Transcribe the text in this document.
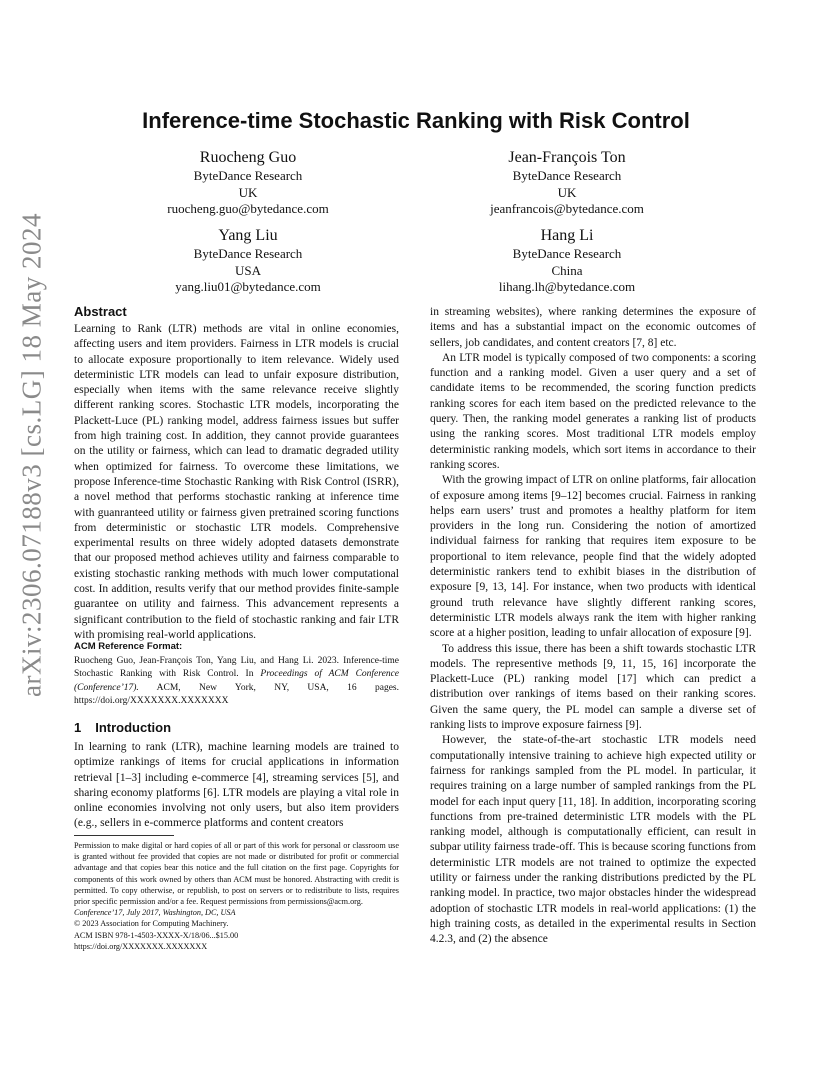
arXiv:2306.07188v3 [cs.LG] 18 May 2024
Inference-time Stochastic Ranking with Risk Control
Ruocheng Guo
ByteDance Research
UK
ruocheng.guo@bytedance.com
Jean-François Ton
ByteDance Research
UK
jeanfrancois@bytedance.com
Yang Liu
ByteDance Research
USA
yang.liu01@bytedance.com
Hang Li
ByteDance Research
China
lihang.lh@bytedance.com
Abstract

Learning to Rank (LTR) methods are vital in online economies, affecting users and item providers. Fairness in LTR models is crucial to allocate exposure proportionally to item relevance. Widely used deterministic LTR models can lead to unfair exposure distribution, especially when items with the same relevance receive slightly different ranking scores. Stochastic LTR models, incorporating the Plackett-Luce (PL) ranking model, address fairness issues but suffer from high training cost. In addition, they cannot provide guarantees on the utility or fairness, which can lead to dramatic degraded utility when optimized for fairness. To overcome these limitations, we propose Inference-time Stochastic Ranking with Risk Control (ISRR), a novel method that performs stochastic ranking at inference time with guanranteed utility or fairness given pretrained scoring functions from deterministic or stochastic LTR models. Comprehensive experimental results on three widely adopted datasets demonstrate that our proposed method achieves utility and fairness comparable to existing stochastic ranking methods with much lower computational cost. In addition, results verify that our method provides finite-sample guarantee on utility and fairness. This advancement represents a significant contribution to the field of stochastic ranking and fair LTR with promising real-world applications.

ACM Reference Format:
Ruocheng Guo, Jean-François Ton, Yang Liu, and Hang Li. 2023. Inference-time Stochastic Ranking with Risk Control. In Proceedings of ACM Conference (Conference’17). ACM, New York, NY, USA, 16 pages. https://doi.org/XXXXXXX.XXXXXXX
1 Introduction

In learning to rank (LTR), machine learning models are trained to optimize rankings of items for crucial applications in information retrieval [1–3] including e-commerce [4], streaming services [5], and sharing economy platforms [6]. LTR models are playing a vital role in online economies involving not only users, but also item providers (e.g., sellers in e-commerce platforms and content creators

Permission to make digital or hard copies of all or part of this work for personal or classroom use is granted without fee provided that copies are not made or distributed for profit or commercial advantage and that copies bear this notice and the full citation on the first page. Copyrights for components of this work owned by others than ACM must be honored. Abstracting with credit is permitted. To copy otherwise, or republish, to post on servers or to redistribute to lists, requires prior specific permission and/or a fee. Request permissions from permissions@acm.org.

Conference’17, July 2017, Washington, DC, USA

© 2023 Association for Computing Machinery.

ACM ISBN 978-1-4503-XXXX-X/18/06...$15.00

https://doi.org/XXXXXXX.XXXXXXX

in streaming websites), where ranking determines the exposure of items and has a substantial impact on the economic outcomes of sellers, job candidates, and content creators [7, 8] etc.

An LTR model is typically composed of two components: a scoring function and a ranking model. Given a user query and a set of candidate items to be recommended, the scoring function predicts ranking scores for each item based on the predicted relevance to the query. Then, the ranking model generates a ranking list of products using the ranking scores. Most traditional LTR models employ deterministic ranking models, which sort items in accordance to their ranking scores.

With the growing impact of LTR on online platforms, fair allocation of exposure among items [9–12] becomes crucial. Fairness in ranking helps earn users’ trust and promotes a healthy platform for item providers in the long run. Considering the notion of amortized individual fairness for ranking that requires item exposure to be proportional to item relevance, people find that the widely adopted deterministic rankers tend to exhibit biases in the distribution of exposure [9, 13, 14]. For instance, when two products with identical ground truth relevance have slightly different ranking scores, deterministic LTR models always rank the item with higher ranking score at a higher position, leading to unfair allocation of exposure [9].

To address this issue, there has been a shift towards stochastic LTR models. The representive methods [9, 11, 15, 16] incorporate the Plackett-Luce (PL) ranking model [17] which can predict a distribution over rankings of items based on their ranking scores. Given the same query, the PL model can sample a diverse set of ranking lists to improve exposure fairness [9].

However, the state-of-the-art stochastic LTR models need computationally intensive training to achieve high expected utility or fairness for rankings sampled from the PL model. In particular, it requires training on a large number of sampled rankings from the PL model for each input query [11, 18]. In addition, incorporating scoring functions from pre-trained deterministic LTR models with the PL ranking model, although is computationally efficient, can result in subpar utility fairness trade-off. This is because scoring functions from deterministic LTR models are not trained to optimize the expected utility or fairness under the ranking distributions predicted by the PL ranking model. In practice, two major obstacles hinder the widespread adoption of stochastic LTR models in real-world applications: (1) the high training costs, as detailed in the experimental results in Section 4.2.3, and (2) the absence
